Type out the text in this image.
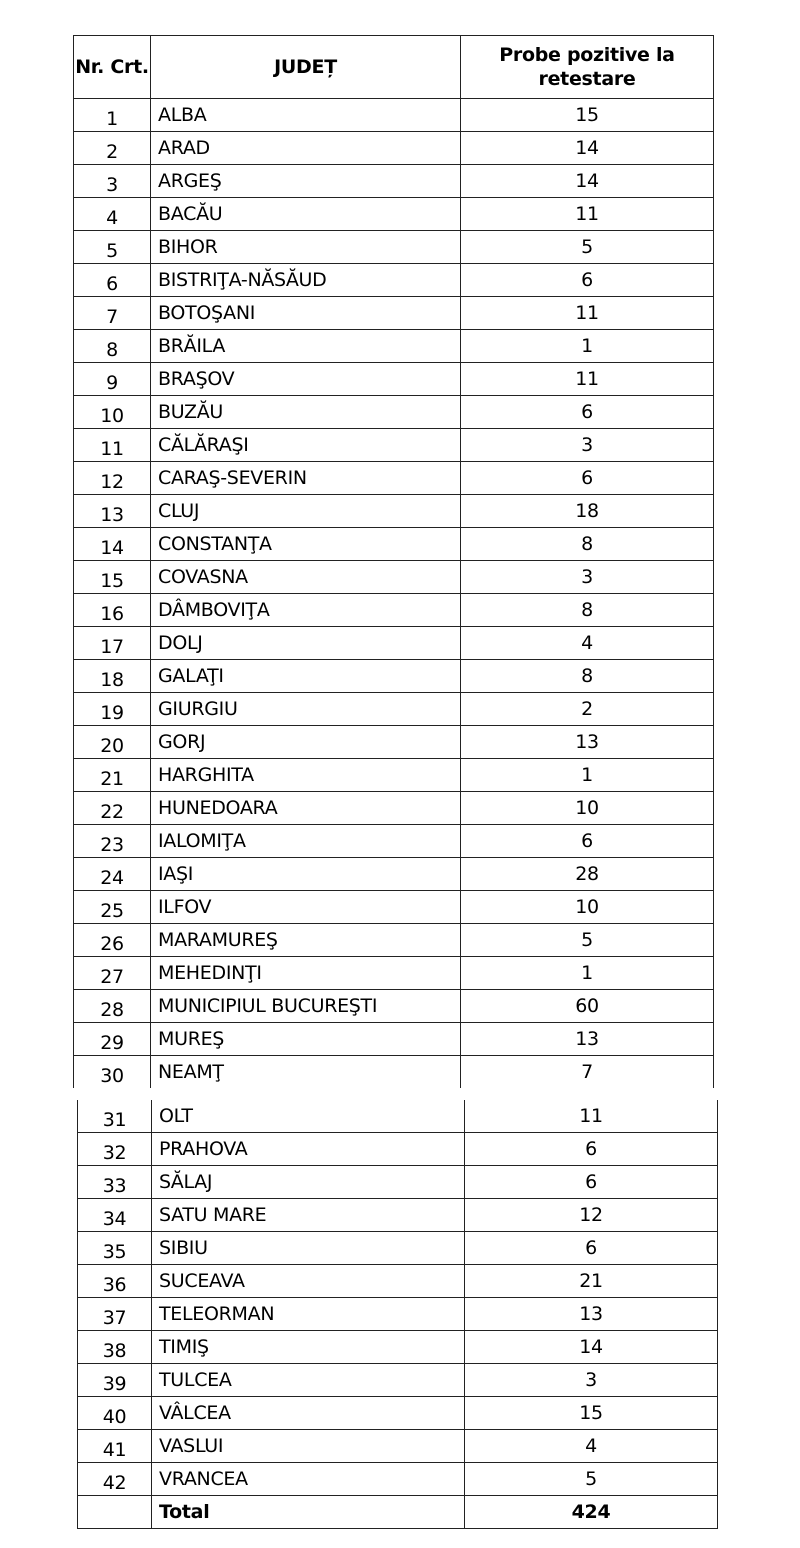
Nr. Crt.	JUDEȚ	Probe pozitive la retestare
1	ALBA	15
2	ARAD	14
3	ARGEŞ	14
4	BACĂU	11
5	BIHOR	5
6	BISTRIŢA-NĂSĂUD	6
7	BOTOŞANI	11
8	BRĂILA	1
9	BRAŞOV	11
10	BUZĂU	6
11	CĂLĂRAŞI	3
12	CARAŞ-SEVERIN	6
13	CLUJ	18
14	CONSTANŢA	8
15	COVASNA	3
16	DÂMBOVIŢA	8
17	DOLJ	4
18	GALAŢI	8
19	GIURGIU	2
20	GORJ	13
21	HARGHITA	1
22	HUNEDOARA	10
23	IALOMIŢA	6
24	IAŞI	28
25	ILFOV	10
26	MARAMUREŞ	5
27	MEHEDINŢI	1
28	MUNICIPIUL BUCUREŞTI	60
29	MUREŞ	13
30	NEAMŢ	7
31	OLT	11
32	PRAHOVA	6
33	SĂLAJ	6
34	SATU MARE	12
35	SIBIU	6
36	SUCEAVA	21
37	TELEORMAN	13
38	TIMIŞ	14
39	TULCEA	3
40	VÂLCEA	15
41	VASLUI	4
42	VRANCEA	5
	Total	424
